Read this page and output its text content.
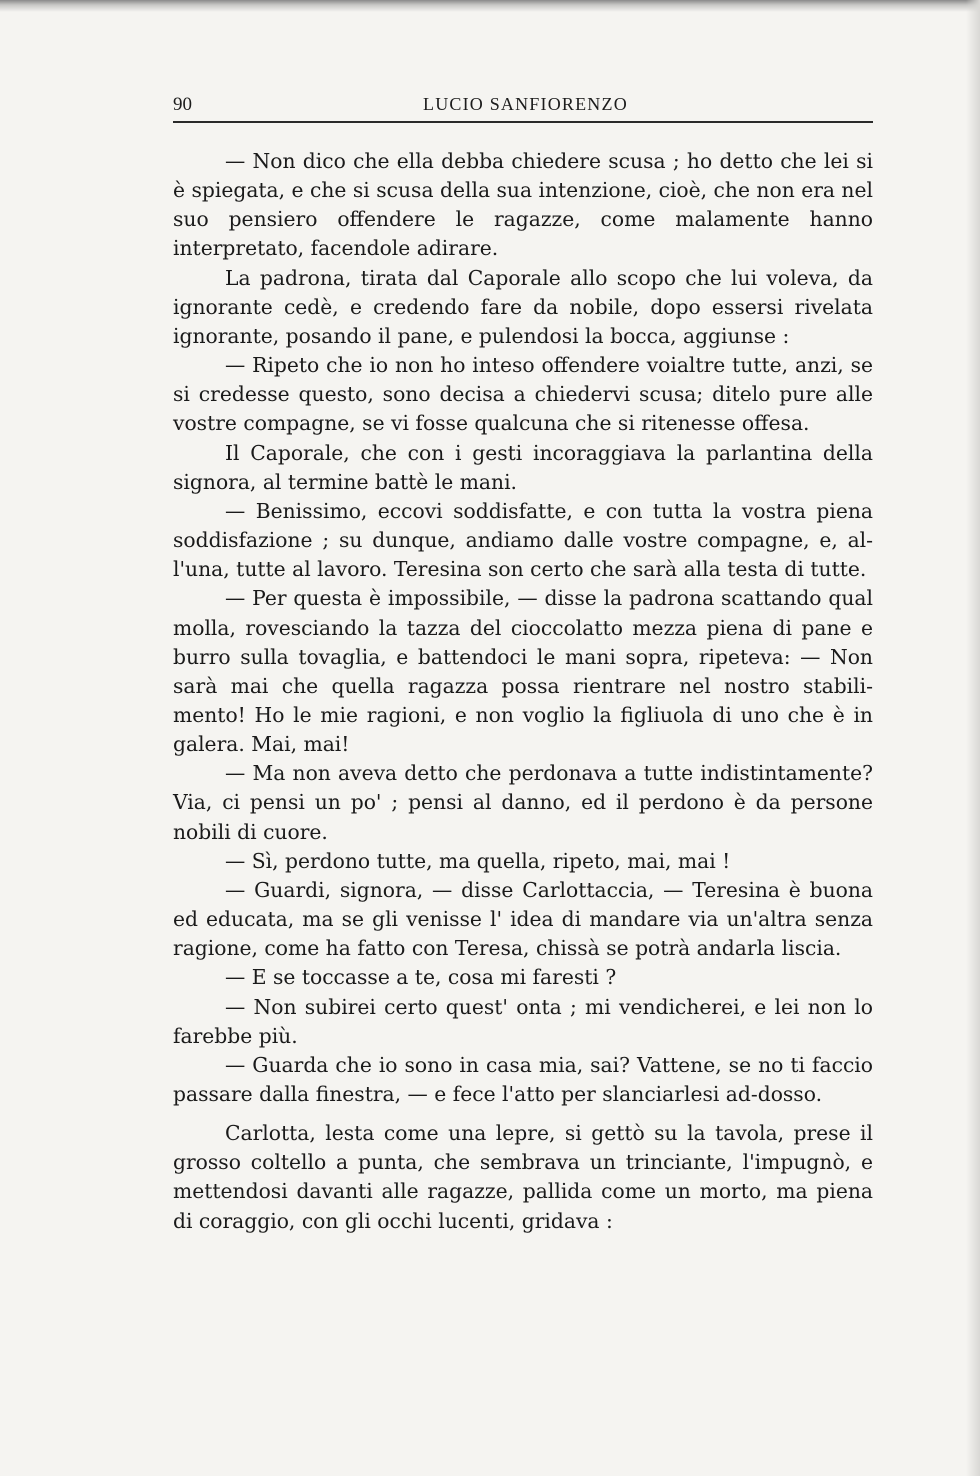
90	LUCIO SANFIORENZO

— Non dico che ella debba chiedere scusa ; ho detto che lei si è spiegata, e che si scusa della sua intenzione, cioè, che non era nel suo pensiero offendere le ragazze, come malamente hanno interpretato, facendole adirare.

La padrona, tirata dal Caporale allo scopo che lui voleva, da ignorante cedè, e credendo fare da nobile, dopo essersi rivelata ignorante, posando il pane, e pulendosi la bocca, aggiunse :

— Ripeto che io non ho inteso offendere voialtre tutte, anzi, se si credesse questo, sono decisa a chiedervi scusa; ditelo pure alle vostre compagne, se vi fosse qualcuna che si ritenesse offesa.

Il Caporale, che con i gesti incoraggiava la parlantina della signora, al termine battè le mani.

— Benissimo, eccovi soddisfatte, e con tutta la vostra piena soddisfazione ; su dunque, andiamo dalle vostre compagne, e, al-l'una, tutte al lavoro. Teresina son certo che sarà alla testa di tutte.

— Per questa è impossibile, — disse la padrona scattando qual molla, rovesciando la tazza del cioccolatto mezza piena di pane e burro sulla tovaglia, e battendoci le mani sopra, ripeteva: — Non sarà mai che quella ragazza possa rientrare nel nostro stabili-mento! Ho le mie ragioni, e non voglio la figliuola di uno che è in galera. Mai, mai!

— Ma non aveva detto che perdonava a tutte indistintamente? Via, ci pensi un po' ; pensi al danno, ed il perdono è da persone nobili di cuore.

— Sì, perdono tutte, ma quella, ripeto, mai, mai !

— Guardi, signora, — disse Carlottaccia, — Teresina è buona ed educata, ma se gli venisse l' idea di mandare via un'altra senza ragione, come ha fatto con Teresa, chissà se potrà andarla liscia.

— E se toccasse a te, cosa mi faresti ?

— Non subirei certo quest' onta ; mi vendicherei, e lei non lo farebbe più.

— Guarda che io sono in casa mia, sai? Vattene, se no ti faccio passare dalla finestra, — e fece l'atto per slanciarlesi ad-dosso.

Carlotta, lesta come una lepre, si gettò su la tavola, prese il grosso coltello a punta, che sembrava un trinciante, l'impugnò, e mettendosi davanti alle ragazze, pallida come un morto, ma piena di coraggio, con gli occhi lucenti, gridava :
